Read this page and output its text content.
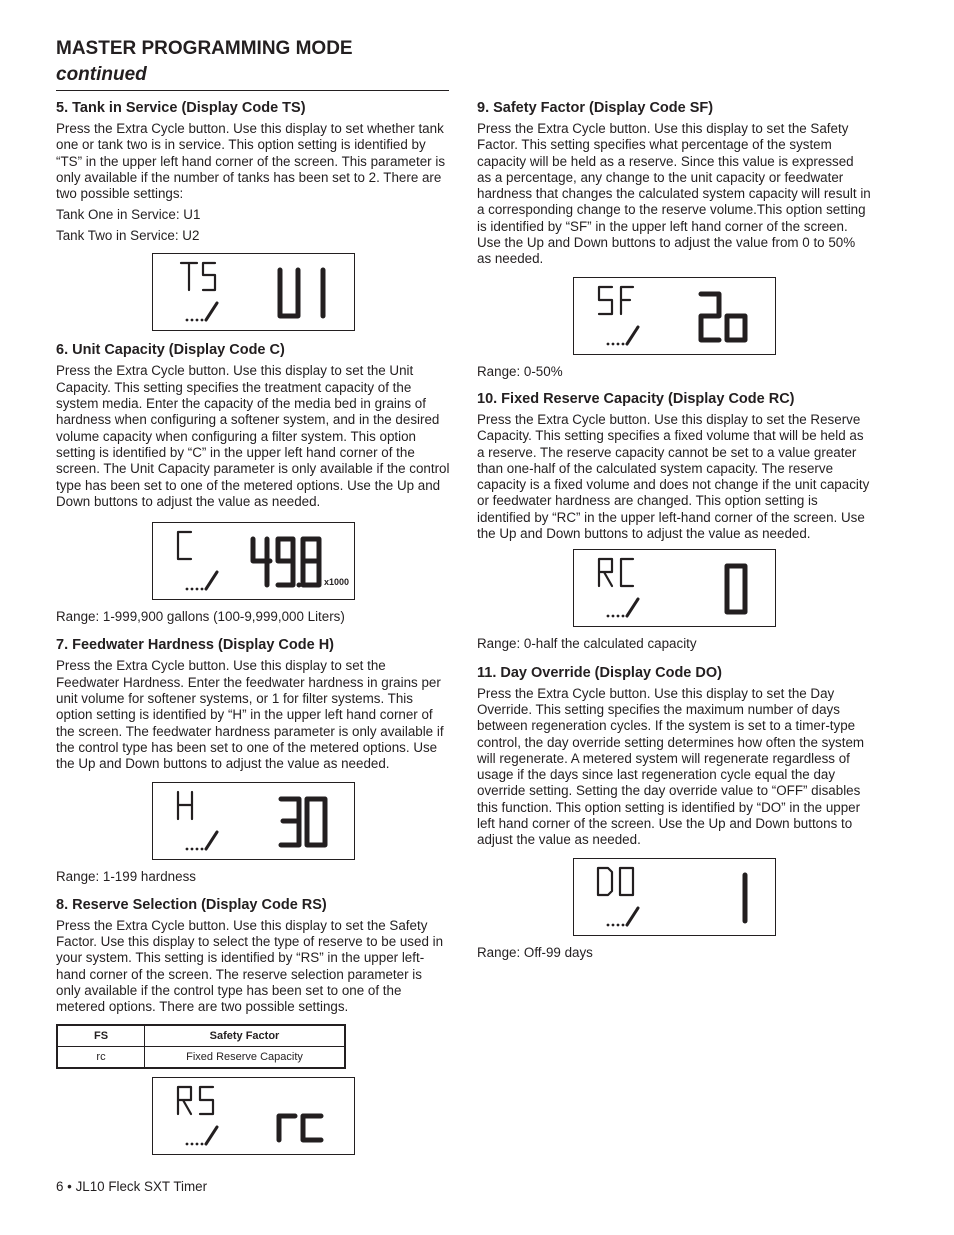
MASTER PROGRAMMING MODE
continued
5. Tank in Service (Display Code TS)

Press the Extra Cycle button. Use this display to set whether tank one or tank two is in service. This option setting is identified by “TS” in the upper left hand corner of the screen. This parameter is only available if the number of tanks has been set to 2. There are two possible settings:

Tank One in Service: U1
Tank Two in Service: U2
6. Unit Capacity (Display Code C)

Press the Extra Cycle button. Use this display to set the Unit Capacity. This setting specifies the treatment capacity of the system media. Enter the capacity of the media bed in grains of hardness when configuring a softener system, and in the desired volume capacity when configuring a filter system. This option setting is identified by “C” in the upper left hand corner of the screen. The Unit Capacity parameter is only available if the control type has been set to one of the metered options. Use the Up and Down buttons to adjust the value as needed.

x1000

Range: 1-999,900 gallons (100-9,999,000 Liters)

7. Feedwater Hardness (Display Code H)

Press the Extra Cycle button. Use this display to set the Feedwater Hardness. Enter the feedwater hardness in grains per unit volume for softener systems, or 1 for filter systems. This option setting is identified by “H” in the upper left hand corner of the screen. The feedwater hardness parameter is only available if the control type has been set to one of the metered options. Use the Up and Down buttons to adjust the value as needed.

Range: 1-199 hardness

8. Reserve Selection (Display Code RS)

Press the Extra Cycle button. Use this display to set the Safety Factor. Use this display to select the type of reserve to be used in your system. This setting is identified by “RS” in the upper left-hand corner of the screen. The reserve selection parameter is only available if the control type has been set to one of the metered options. There are two possible settings.

FS	Safety Factor
rc	Fixed Reserve Capacity
9. Safety Factor (Display Code SF)

Press the Extra Cycle button. Use this display to set the Safety Factor. This setting specifies what percentage of the system capacity will be held as a reserve. Since this value is expressed as a percentage, any change to the unit capacity or feedwater hardness that changes the calculated system capacity will result in a corresponding change to the reserve volume.This option setting is identified by “SF” in the upper left hand corner of the screen. Use the Up and Down buttons to adjust the value from 0 to 50% as needed.

Range: 0-50%

10. Fixed Reserve Capacity (Display Code RC)

Press the Extra Cycle button. Use this display to set the Reserve Capacity. This setting specifies a fixed volume that will be held as a reserve. The reserve capacity cannot be set to a value greater than one-half of the calculated system capacity. The reserve capacity is a fixed volume and does not change if the unit capacity or feedwater hardness are changed. This option setting is identified by “RC” in the upper left-hand corner of the screen. Use the Up and Down buttons to adjust the value as needed.

Range: 0-half the calculated capacity

11. Day Override (Display Code DO)

Press the Extra Cycle button. Use this display to set the Day Override. This setting specifies the maximum number of days between regeneration cycles. If the system is set to a timer-type control, the day override setting determines how often the system will regenerate. A metered system will regenerate regardless of usage if the days since last regeneration cycle equal the day override setting. Setting the day override value to “OFF” disables this function. This option setting is identified by “DO” in the upper left hand corner of the screen. Use the Up and Down buttons to adjust the value as needed.

Range: Off-99 days

6 • JL10 Fleck SXT Timer
